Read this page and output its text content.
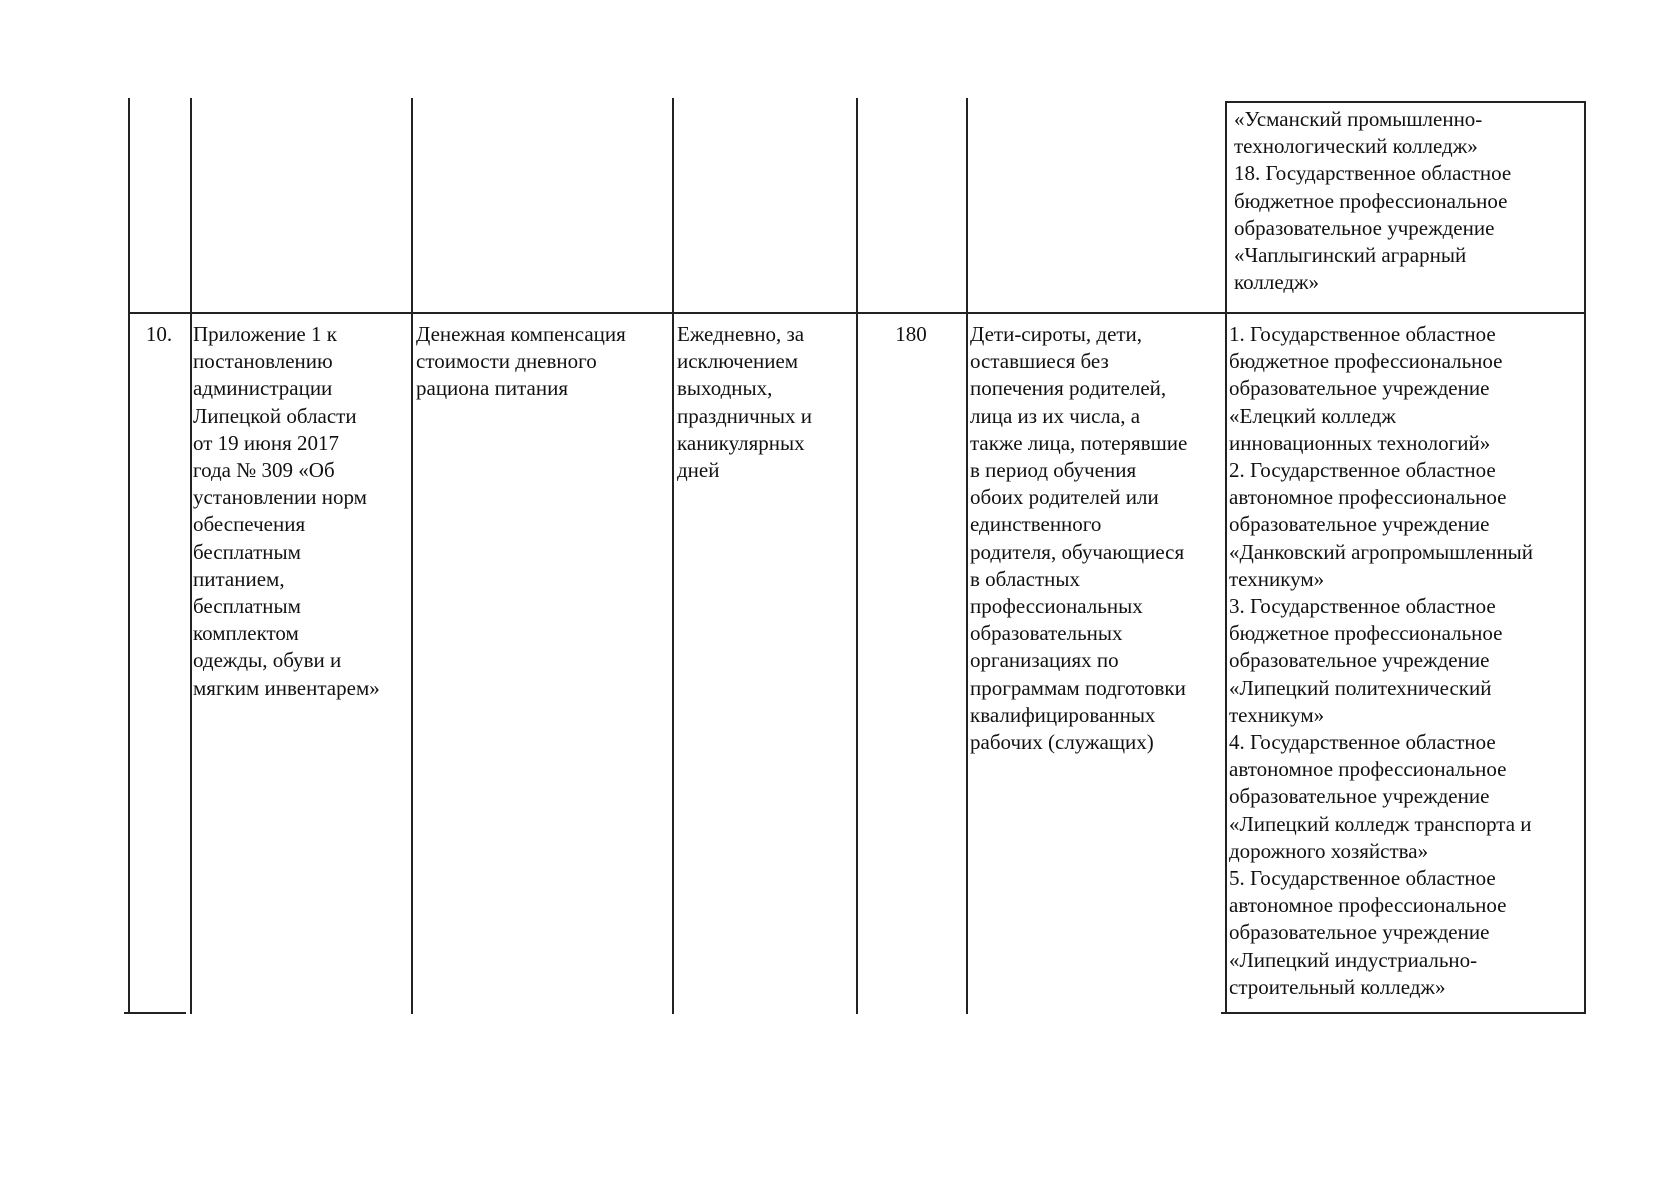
«Усманский промышленно-
технологический колледж»
18. Государственное областное
бюджетное профессиональное
образовательное учреждение
«Чаплыгинский аграрный
колледж»
10. Приложение 1 к
постановлению
администрации
Липецкой области
от 19 июня 2017
года № 309 «Об
установлении норм
обеспечения
бесплатным
питанием,
бесплатным
комплектом
одежды, обуви и
мягким инвентарем»
Денежная компенсация
стоимости дневного
рациона питания
Ежедневно, за
исключением
выходных,
праздничных и
каникулярных
дней
180	Дети-сироты, дети,
оставшиеся без
попечения родителей,
лица из их числа, а
также лица, потерявшие
в период обучения
обоих родителей или
единственного
родителя, обучающиеся
в областных
профессиональных
образовательных
организациях по
программам подготовки
квалифицированных
рабочих (служащих)
1. Государственное областное
бюджетное профессиональное
образовательное учреждение
«Елецкий колледж
инновационных технологий»
2. Государственное областное
автономное профессиональное
образовательное учреждение
«Данковский агропромышленный
техникум»
3. Государственное областное
бюджетное профессиональное
образовательное учреждение
«Липецкий политехнический
техникум»
4. Государственное областное
автономное профессиональное
образовательное учреждение
«Липецкий колледж транспорта и
дорожного хозяйства»
5. Государственное областное
автономное профессиональное
образовательное учреждение
«Липецкий индустриально-
строительный колледж»
